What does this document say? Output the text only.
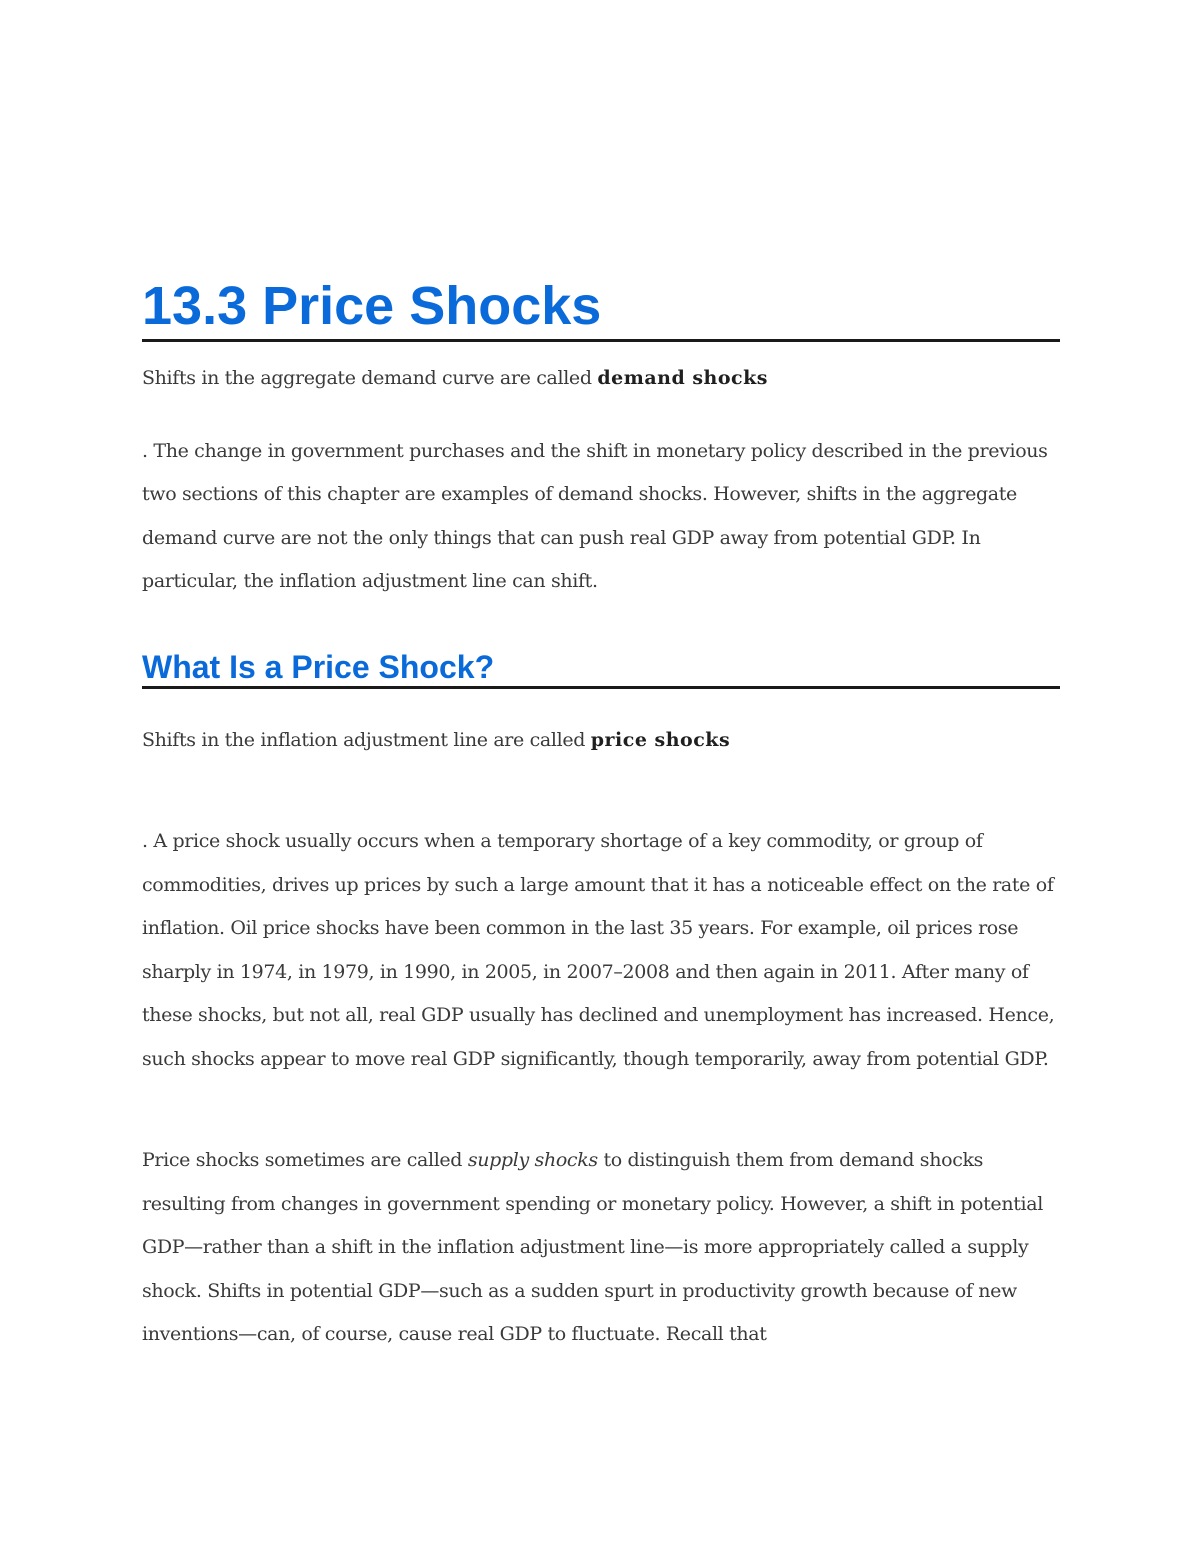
13.3 Price Shocks

Shifts in the aggregate demand curve are called demand shocks

. The change in government purchases and the shift in monetary policy described in the previous two sections of this chapter are examples of demand shocks. However, shifts in the aggregate demand curve are not the only things that can push real GDP away from potential GDP. In particular, the inflation adjustment line can shift.

What Is a Price Shock?

Shifts in the inflation adjustment line are called price shocks

. A price shock usually occurs when a temporary shortage of a key commodity, or group of commodities, drives up prices by such a large amount that it has a noticeable effect on the rate of inflation. Oil price shocks have been common in the last 35 years. For example, oil prices rose sharply in 1974, in 1979, in 1990, in 2005, in 2007–2008 and then again in 2011. After many of these shocks, but not all, real GDP usually has declined and unemployment has increased. Hence, such shocks appear to move real GDP significantly, though temporarily, away from potential GDP.

Price shocks sometimes are called supply shocks to distinguish them from demand shocks resulting from changes in government spending or monetary policy. However, a shift in potential GDP—rather than a shift in the inflation adjustment line—is more appropriately called a supply shock. Shifts in potential GDP—such as a sudden spurt in productivity growth because of new inventions—can, of course, cause real GDP to fluctuate. Recall that
